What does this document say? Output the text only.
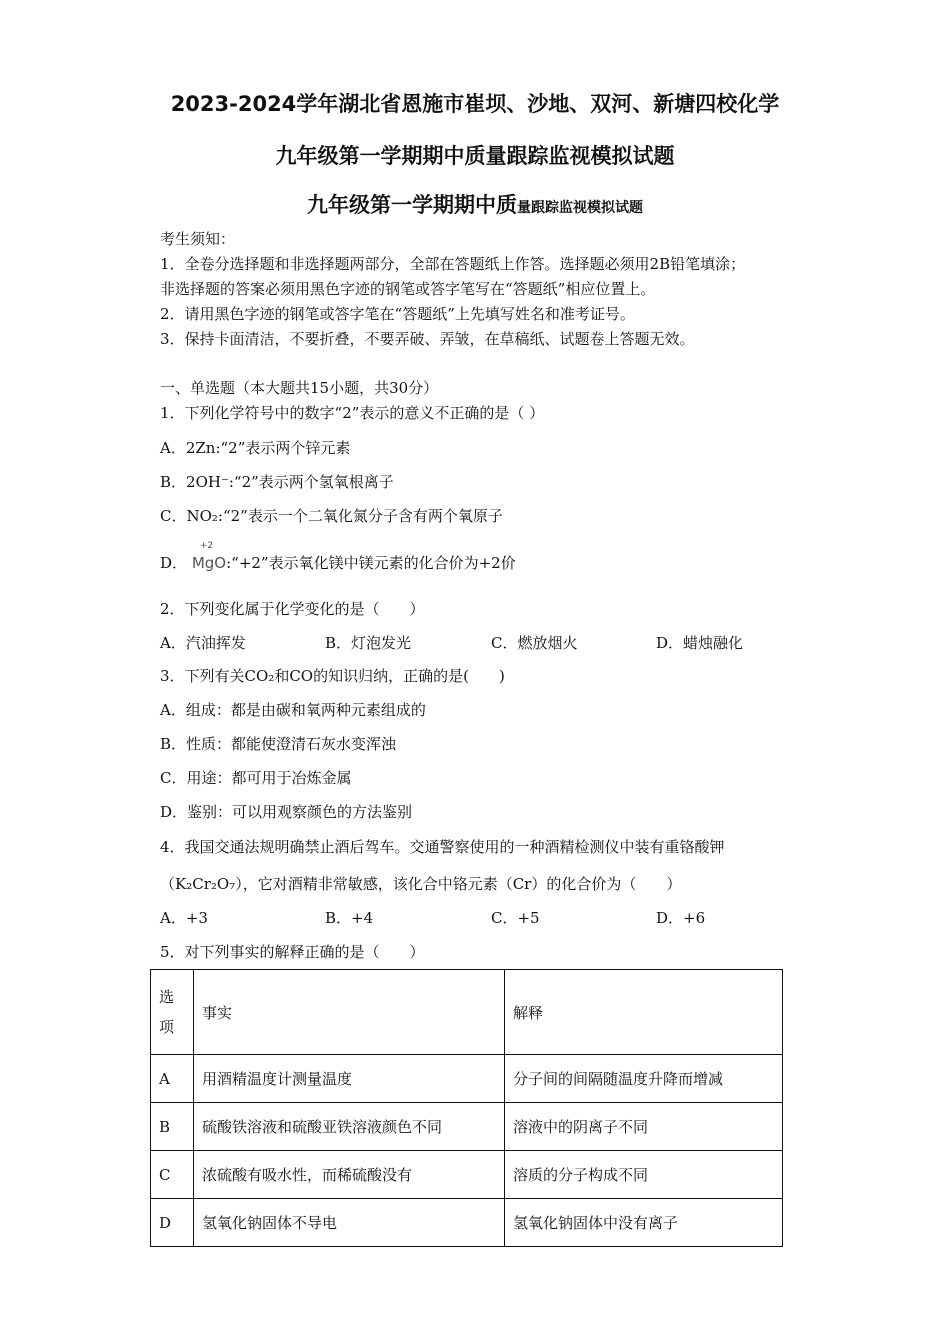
2023-2024学年湖北省恩施市崔坝、沙地、双河、新塘四校化学
九年级第一学期期中质量跟踪监视模拟试题
九年级第一学期期中质量跟踪监视模拟试题
考生须知：
1．全卷分选择题和非选择题两部分，全部在答题纸上作答。选择题必须用2B铅笔填涂；
非选择题的答案必须用黑色字迹的钢笔或答字笔写在“答题纸”相应位置上。
2．请用黑色字迹的钢笔或答字笔在“答题纸”上先填写姓名和准考证号。
3．保持卡面清洁，不要折叠，不要弄破、弄皱，在草稿纸、试题卷上答题无效。
一、单选题（本大题共15小题，共30分）
1．下列化学符号中的数字“2”表示的意义不正确的是（ ）
A．2Zn:“2”表示两个锌元素
B．2OH⁻:“2”表示两个氢氧根离子
C．NO₂:“2”表示一个二氧化氮分子含有两个氧原子
D．
+2
MgO:“+2”表示氧化镁中镁元素的化合价为+2价
2．下列变化属于化学变化的是（　　）
A．汽油挥发	B．灯泡发光	C．燃放烟火	D．蜡烛融化
3．下列有关CO₂和CO的知识归纳，正确的是(　　)
A．组成：都是由碳和氧两种元素组成的
B．性质：都能使澄清石灰水变浑浊
C．用途：都可用于冶炼金属
D．鉴别：可以用观察颜色的方法鉴别
4．我国交通法规明确禁止酒后驾车。交通警察使用的一种酒精检测仪中装有重铬酸钾
（K₂Cr₂O₇），它对酒精非常敏感，该化合中铬元素（Cr）的化合价为（　　）
A．+3	B．+4	C．+5	D．+6
5．对下列事实的解释正确的是（　　）
选
项	事实	解释
A	用酒精温度计测量温度	分子间的间隔随温度升降而增减
B	硫酸铁溶液和硫酸亚铁溶液颜色不同	溶液中的阴离子不同
C	浓硫酸有吸水性，而稀硫酸没有	溶质的分子构成不同
D	氢氧化钠固体不导电	氢氧化钠固体中没有离子
